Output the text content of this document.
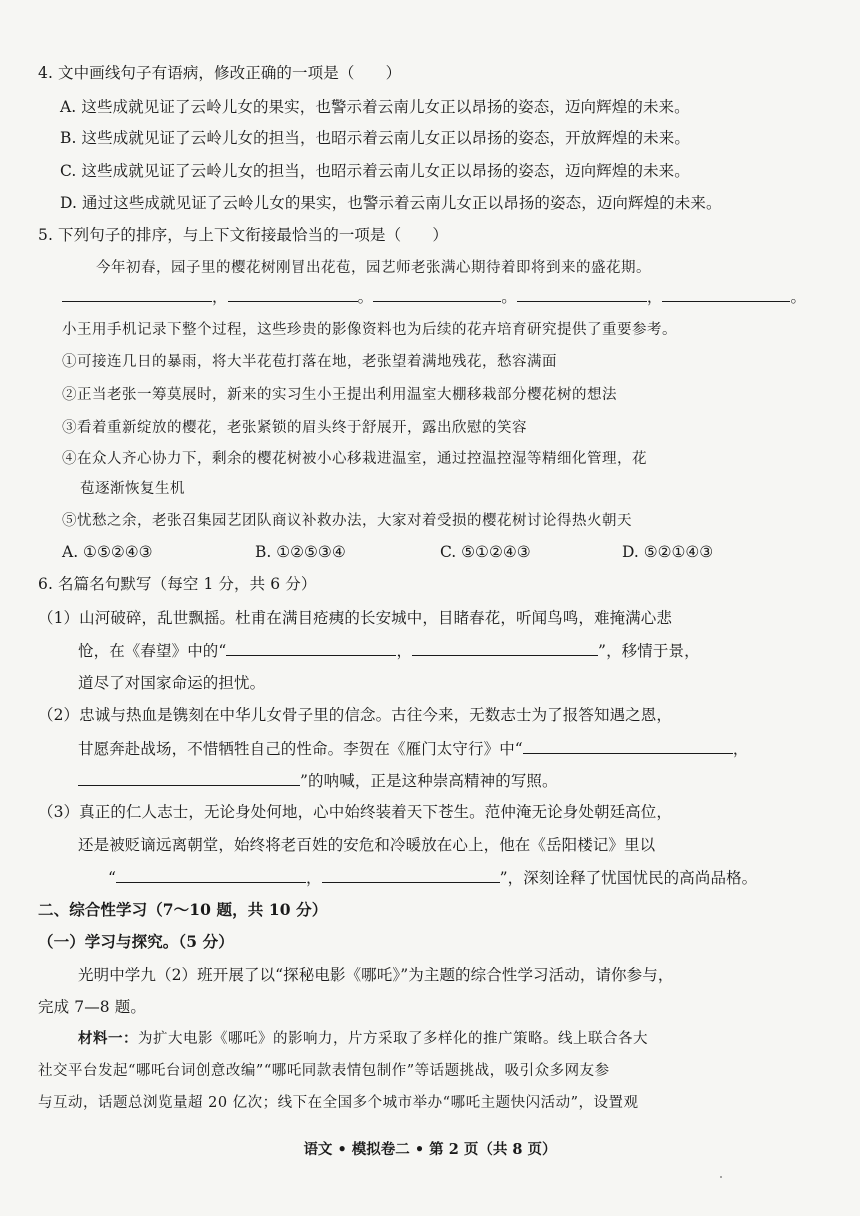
4. 文中画线句子有语病，修改正确的一项是（　　）
A. 这些成就见证了云岭儿女的果实，也警示着云南儿女正以昂扬的姿态，迈向辉煌的未来。
B. 这些成就见证了云岭儿女的担当，也昭示着云南儿女正以昂扬的姿态，开放辉煌的未来。
C. 这些成就见证了云岭儿女的担当，也昭示着云南儿女正以昂扬的姿态，迈向辉煌的未来。
D. 通过这些成就见证了云岭儿女的果实，也警示着云南儿女正以昂扬的姿态，迈向辉煌的未来。
5. 下列句子的排序，与上下文衔接最恰当的一项是（　　）
今年初春，园子里的樱花树刚冒出花苞，园艺师老张满心期待着即将到来的盛花期。
，	。	。	，	。
小王用手机记录下整个过程，这些珍贵的影像资料也为后续的花卉培育研究提供了重要参考。
①可接连几日的暴雨，将大半花苞打落在地，老张望着满地残花，愁容满面
②正当老张一筹莫展时，新来的实习生小王提出利用温室大棚移栽部分樱花树的想法
③看着重新绽放的樱花，老张紧锁的眉头终于舒展开，露出欣慰的笑容
④在众人齐心协力下，剩余的樱花树被小心移栽进温室，通过控温控湿等精细化管理，花
苞逐渐恢复生机
⑤忧愁之余，老张召集园艺团队商议补救办法，大家对着受损的樱花树讨论得热火朝天
A. ①⑤②④③	B. ①②⑤③④	C. ⑤①②④③	D. ⑤②①④③
6. 名篇名句默写（每空 1 分，共 6 分）
（1）山河破碎，乱世飘摇。杜甫在满目疮痍的长安城中，目睹春花，听闻鸟鸣，难掩满心悲
怆，在《春望》中的“	，	”，移情于景，
道尽了对国家命运的担忧。
（2）忠诚与热血是镌刻在中华儿女骨子里的信念。古往今来，无数志士为了报答知遇之恩，
甘愿奔赴战场，不惜牺牲自己的性命。李贺在《雁门太守行》中“	，
”的呐喊，正是这种崇高精神的写照。
（3）真正的仁人志士，无论身处何地，心中始终装着天下苍生。范仲淹无论身处朝廷高位，
还是被贬谪远离朝堂，始终将老百姓的安危和冷暖放在心上，他在《岳阳楼记》里以
“	，	”，深刻诠释了忧国忧民的高尚品格。
二、综合性学习（7～10 题，共 10 分）
（一）学习与探究。（5 分）
光明中学九（2）班开展了以“探秘电影《哪吒》”为主题的综合性学习活动，请你参与，
完成 7—8 题。
材料一：为扩大电影《哪吒》的影响力，片方采取了多样化的推广策略。线上联合各大
社交平台发起“哪吒台词创意改编”“哪吒同款表情包制作”等话题挑战，吸引众多网友参
与互动，话题总浏览量超 20 亿次；线下在全国多个城市举办“哪吒主题快闪活动”，设置观
语文 • 模拟卷二 • 第 2 页（共 8 页）
